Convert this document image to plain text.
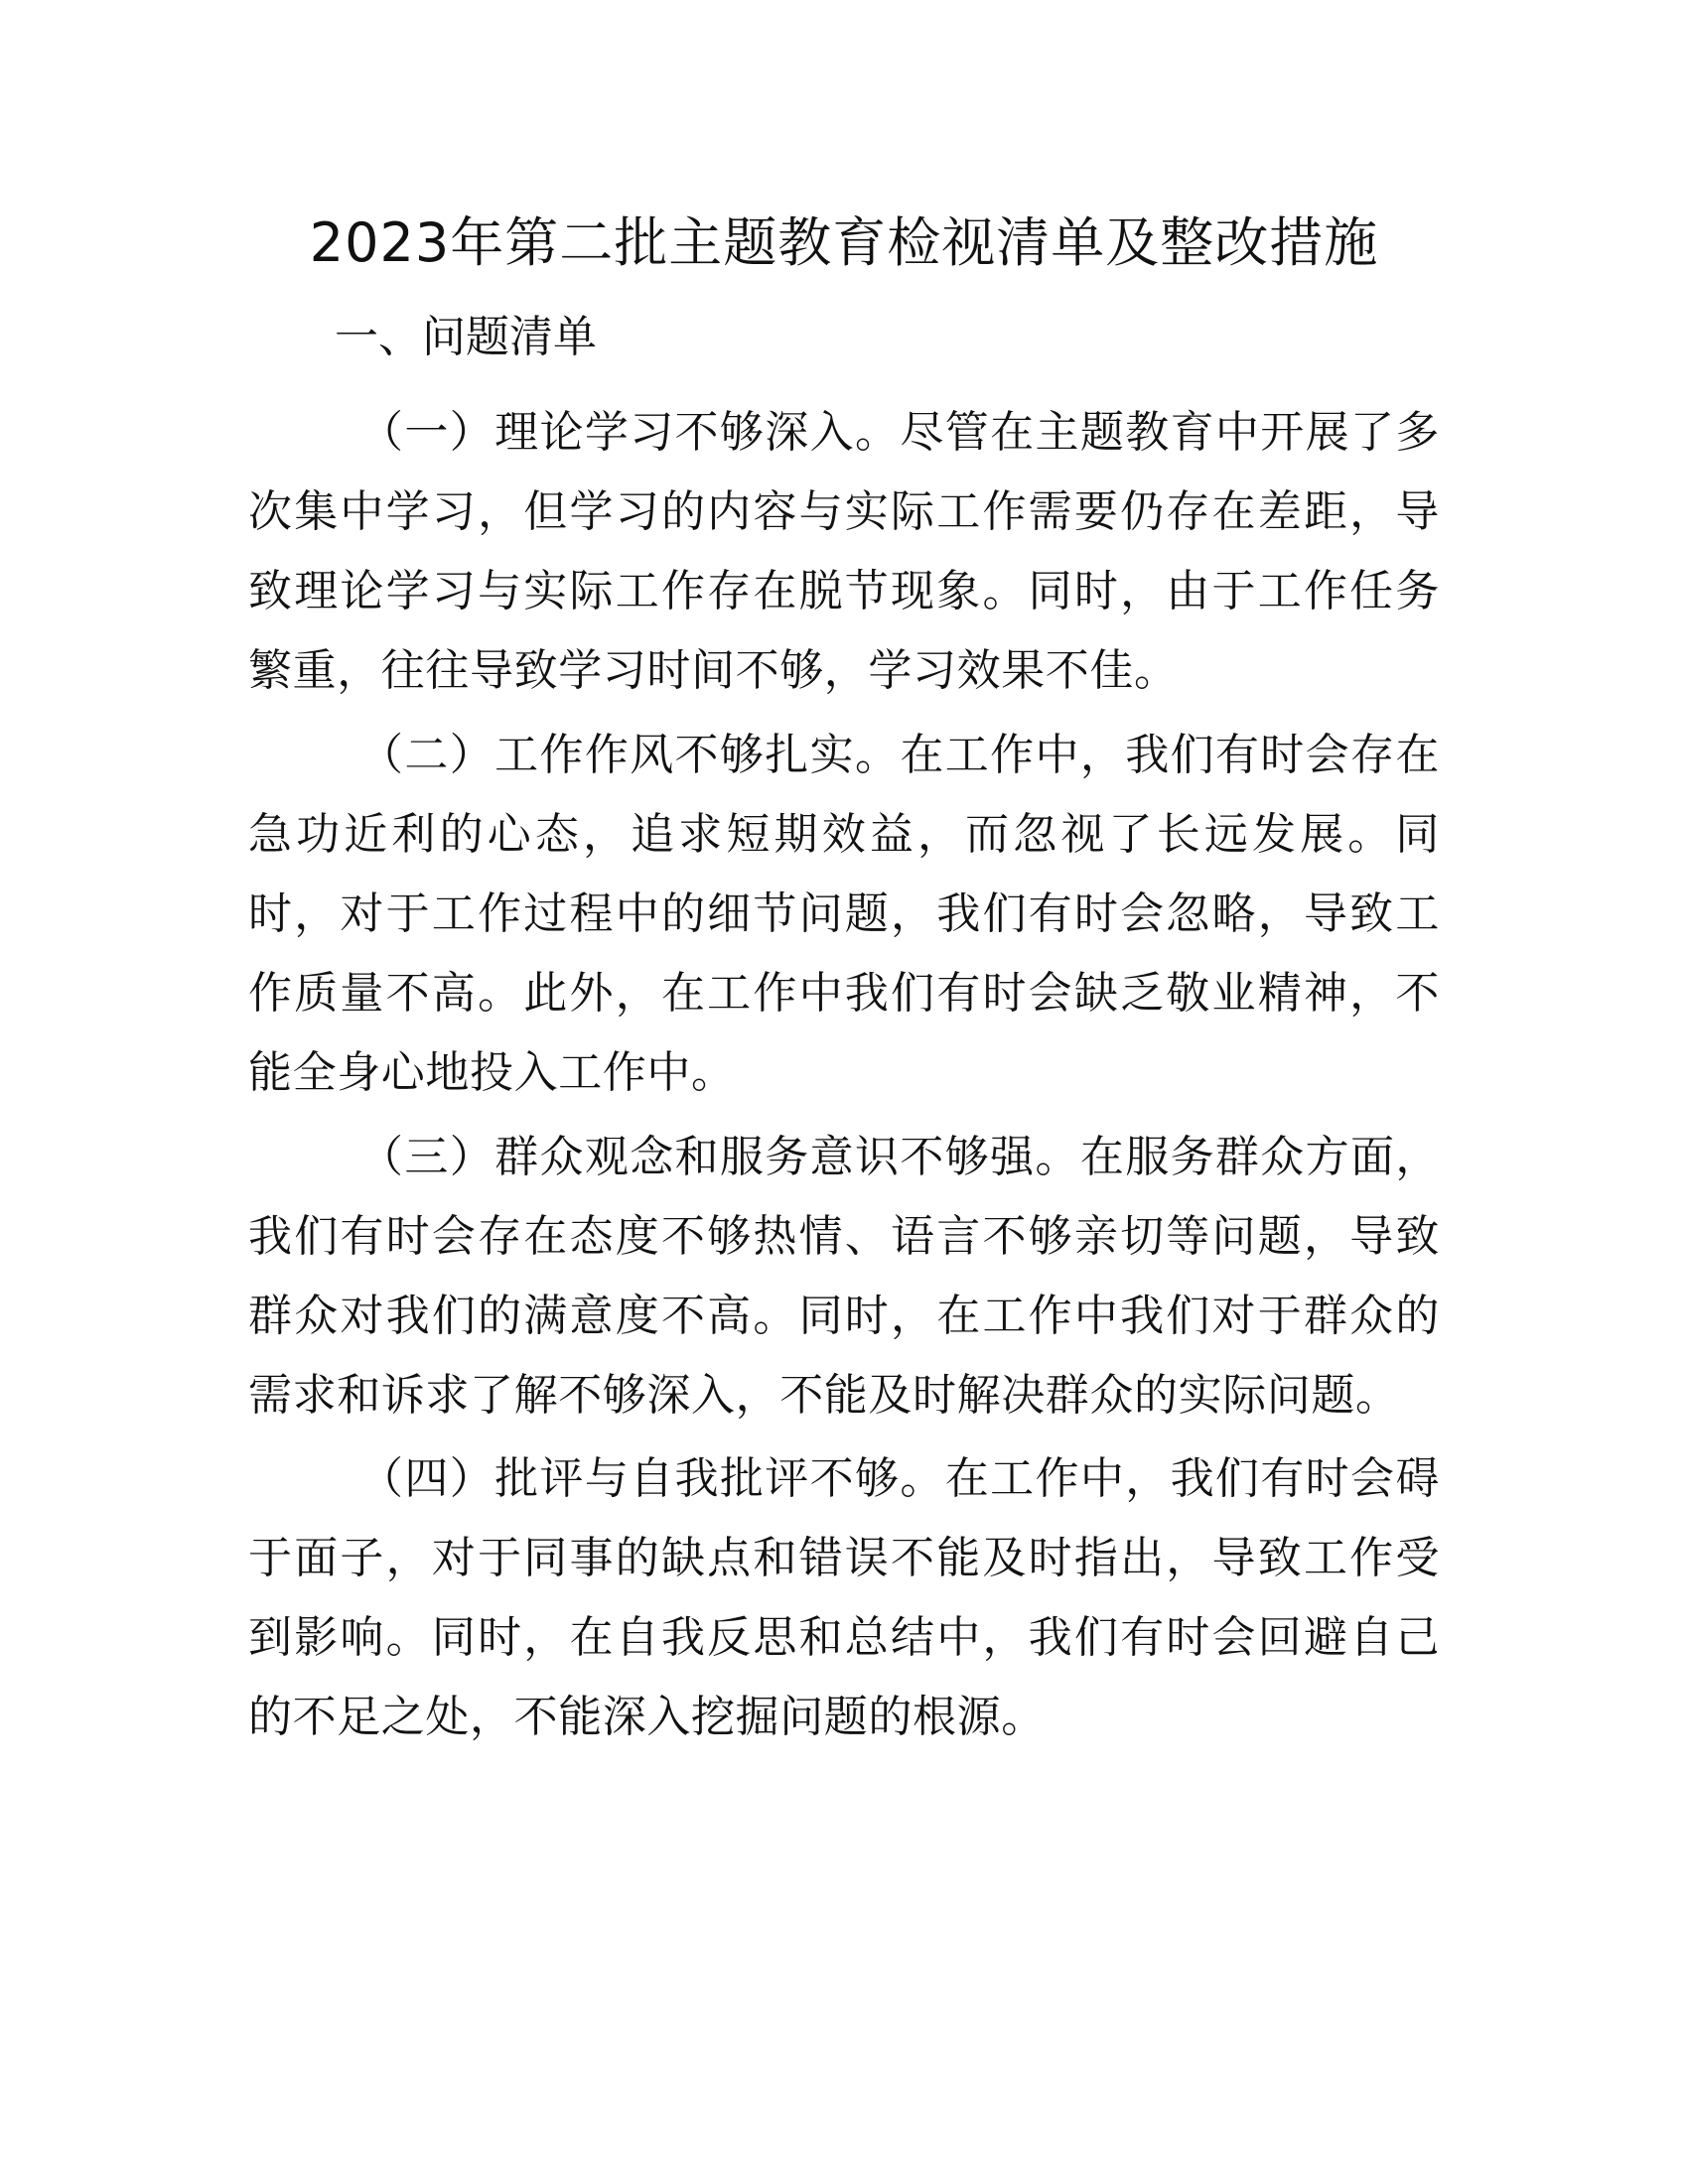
2023年第二批主题教育检视清单及整改措施
一、问题清单

（一）理论学习不够深入。尽管在主题教育中开展了多次集中学习，但学习的内容与实际工作需要仍存在差距，导致理论学习与实际工作存在脱节现象。同时，由于工作任务繁重，往往导致学习时间不够，学习效果不佳。

（二）工作作风不够扎实。在工作中，我们有时会存在急功近利的心态，追求短期效益，而忽视了长远发展。同时，对于工作过程中的细节问题，我们有时会忽略，导致工作质量不高。此外，在工作中我们有时会缺乏敬业精神，不能全身心地投入工作中。

（三）群众观念和服务意识不够强。在服务群众方面，我们有时会存在态度不够热情、语言不够亲切等问题，导致群众对我们的满意度不高。同时，在工作中我们对于群众的需求和诉求了解不够深入，不能及时解决群众的实际问题。

（四）批评与自我批评不够。在工作中，我们有时会碍于面子，对于同事的缺点和错误不能及时指出，导致工作受到影响。同时，在自我反思和总结中，我们有时会回避自己的不足之处，不能深入挖掘问题的根源。
